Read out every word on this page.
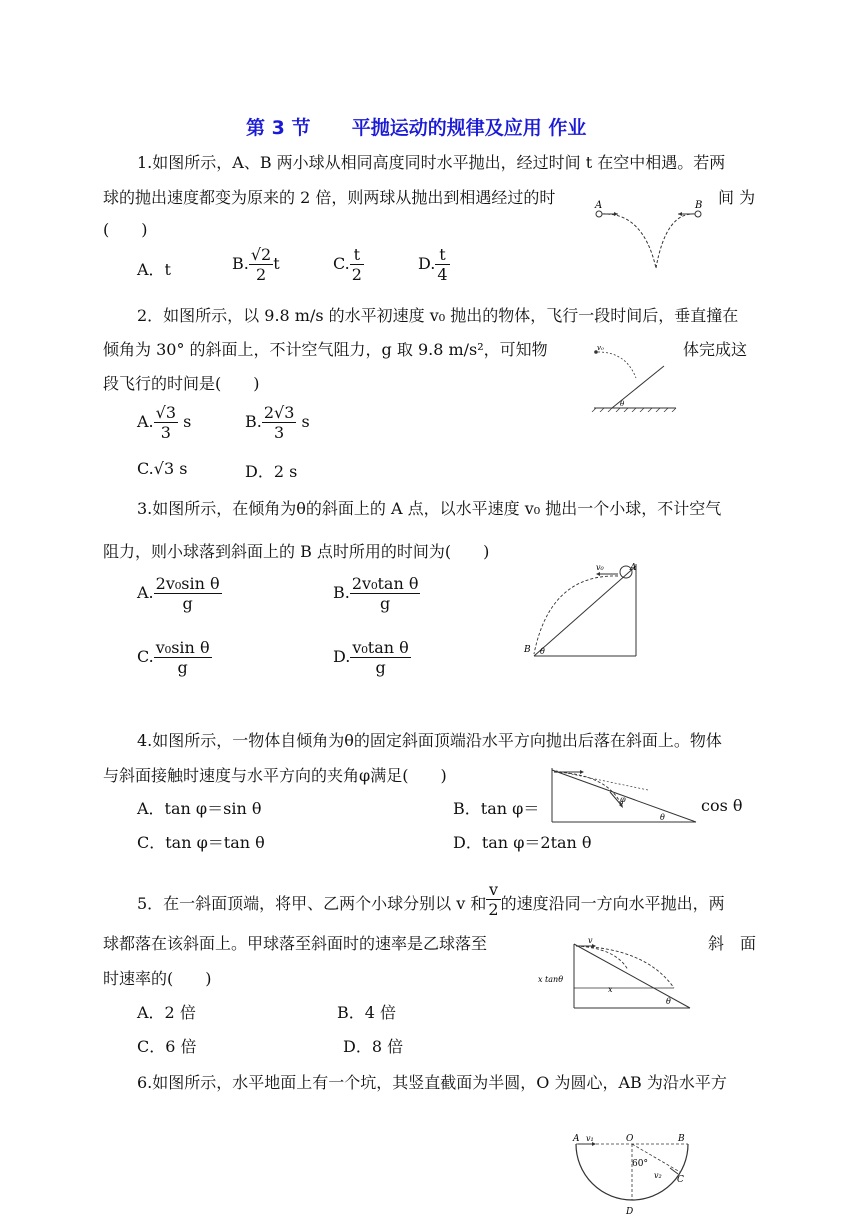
第 3 节 平抛运动的规律及应用 作业
1.如图所示，A、B 两小球从相同高度同时水平抛出，经过时间 t 在空中相遇。若两
球的抛出速度都变为原来的 2 倍，则两球从抛出到相遇经过的时	间 为
(　　)
A．t	B. $\frac{√2}{2}$ t	C. $\frac{t}{2}$	D. $\frac{t}{4}$
A	B
2．如图所示，以 9.8 m/s 的水平初速度 v₀ 抛出的物体，飞行一段时间后，垂直撞在
倾角为 30° 的斜面上，不计空气阻力，g 取 9.8 m/s²，可知物	体完成这
段飞行的时间是(　　)
A. $\frac{√3}{3}$ s	B. $\frac{2√3}{3}$ s
C.√3 s	D．2 s
v₀
θ
3.如图所示，在倾角为θ的斜面上的 A 点，以水平速度 v₀ 抛出一个小球，不计空气
阻力，则小球落到斜面上的 B 点时所用的时间为(　　)
A. $\frac{\text{2v₀sin θ}}{g}$	B. $\frac{\text{2v₀tan θ}}{g}$
C. $\frac{\text{v₀sin θ}}{g}$	D. $\frac{\text{v₀tan θ}}{g}$
v₀	A
B θ
4.如图所示，一物体自倾角为θ的固定斜面顶端沿水平方向抛出后落在斜面上。物体
与斜面接触时速度与水平方向的夹角φ满足(　　)
A．tan φ＝sin θ	B．tan φ＝	cos θ
C．tan φ＝tan θ	D．tan φ＝2tan θ
φ
θ
5．在一斜面顶端，将甲、乙两个小球分别以 v 和 $\frac{v}{2}$ 的速度沿同一方向水平抛出，两
球都落在该斜面上。甲球落至斜面时的速率是乙球落至	斜　面
时速率的(　　)
A．2 倍	B．4 倍
C．6 倍	D．8 倍
v
x tanθ
x
θ
6.如图所示，水平地面上有一个坑，其竖直截面为半圆，O 为圆心，AB 为沿水平方
A v₁	O	B
60°
v₂ C
D
